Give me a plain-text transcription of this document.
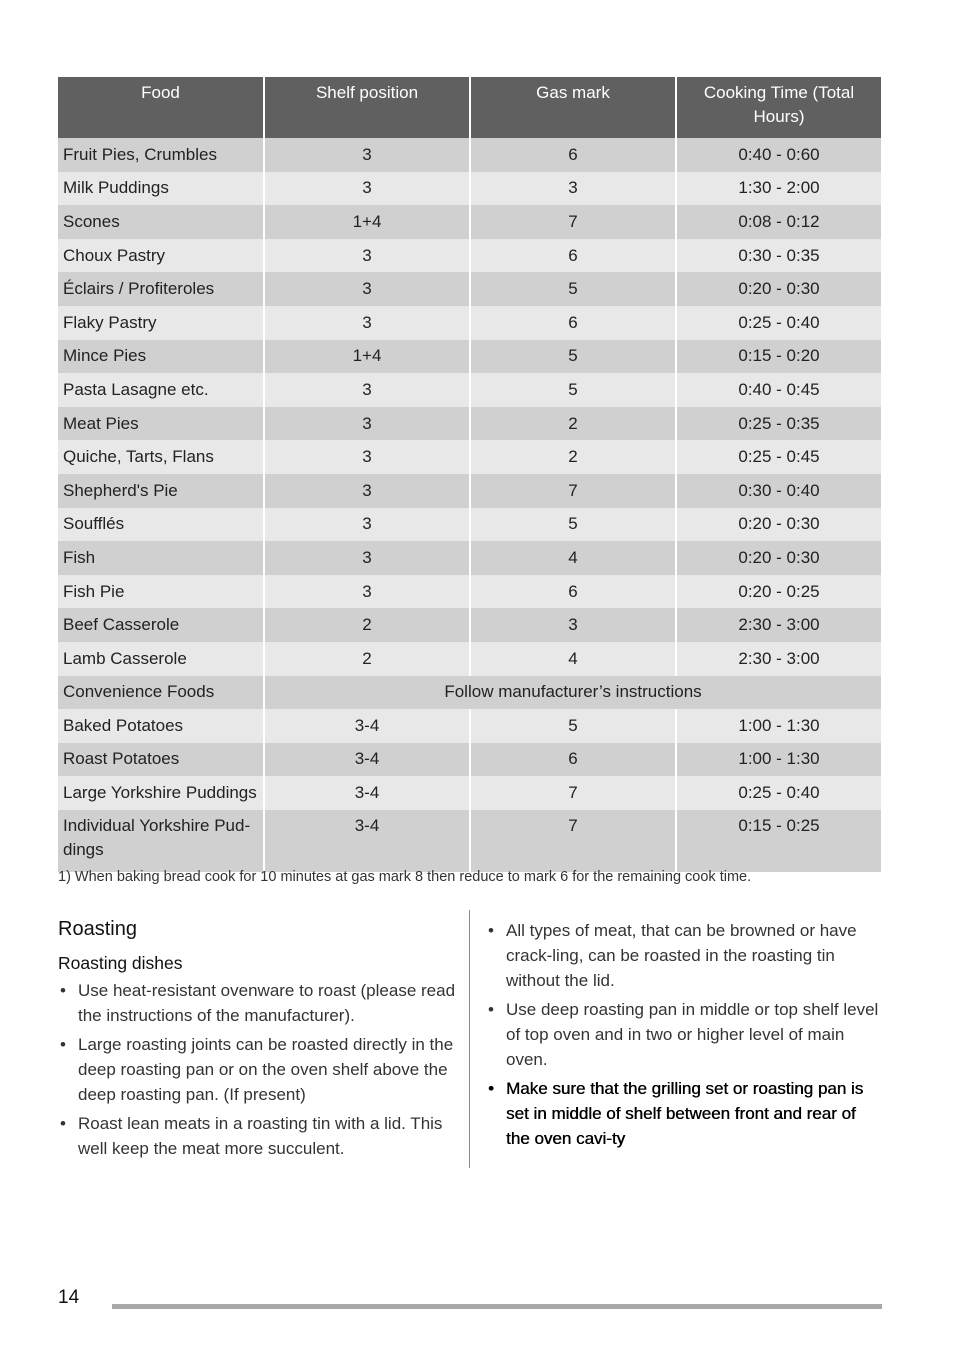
Food	Shelf position	Gas mark	Cooking Time (Total Hours)
Fruit Pies, Crumbles	3	6	0:40 - 0:60
Milk Puddings	3	3	1:30 - 2:00
Scones	1+4	7	0:08 - 0:12
Choux Pastry	3	6	0:30 - 0:35
Éclairs / Profiteroles	3	5	0:20 - 0:30
Flaky Pastry	3	6	0:25 - 0:40
Mince Pies	1+4	5	0:15 - 0:20
Pasta Lasagne etc.	3	5	0:40 - 0:45
Meat Pies	3	2	0:25 - 0:35
Quiche, Tarts, Flans	3	2	0:25 - 0:45
Shepherd's Pie	3	7	0:30 - 0:40
Soufflés	3	5	0:20 - 0:30
Fish	3	4	0:20 - 0:30
Fish Pie	3	6	0:20 - 0:25
Beef Casserole	2	3	2:30 - 3:00
Lamb Casserole	2	4	2:30 - 3:00
Convenience Foods	Follow manufacturer’s instructions		
Baked Potatoes	3-4	5	1:00 - 1:30
Roast Potatoes	3-4	6	1:00 - 1:30
Large Yorkshire Puddings	3-4	7	0:25 - 0:40
Individual Yorkshire Pud-dings	3-4	7	0:15 - 0:25
1) When baking bread cook for 10 minutes at gas mark 8 then reduce to mark 6 for the remaining cook time.
Roasting
Roasting dishes
• Use heat-resistant ovenware to roast (please read the instructions of the manufacturer).
• Large roasting joints can be roasted directly in the deep roasting pan or on the oven shelf above the deep roasting pan. (If present)
• Roast lean meats in a roasting tin with a lid. This well keep the meat more succulent.
• All types of meat, that can be browned or have crack-ling, can be roasted in the roasting tin without the lid.
• Use deep roasting pan in middle or top shelf level of top oven and in two or higher level of main oven.
• Make sure that the grilling set or roasting pan is set in middle of shelf between front and rear of the oven cavi-ty
14
